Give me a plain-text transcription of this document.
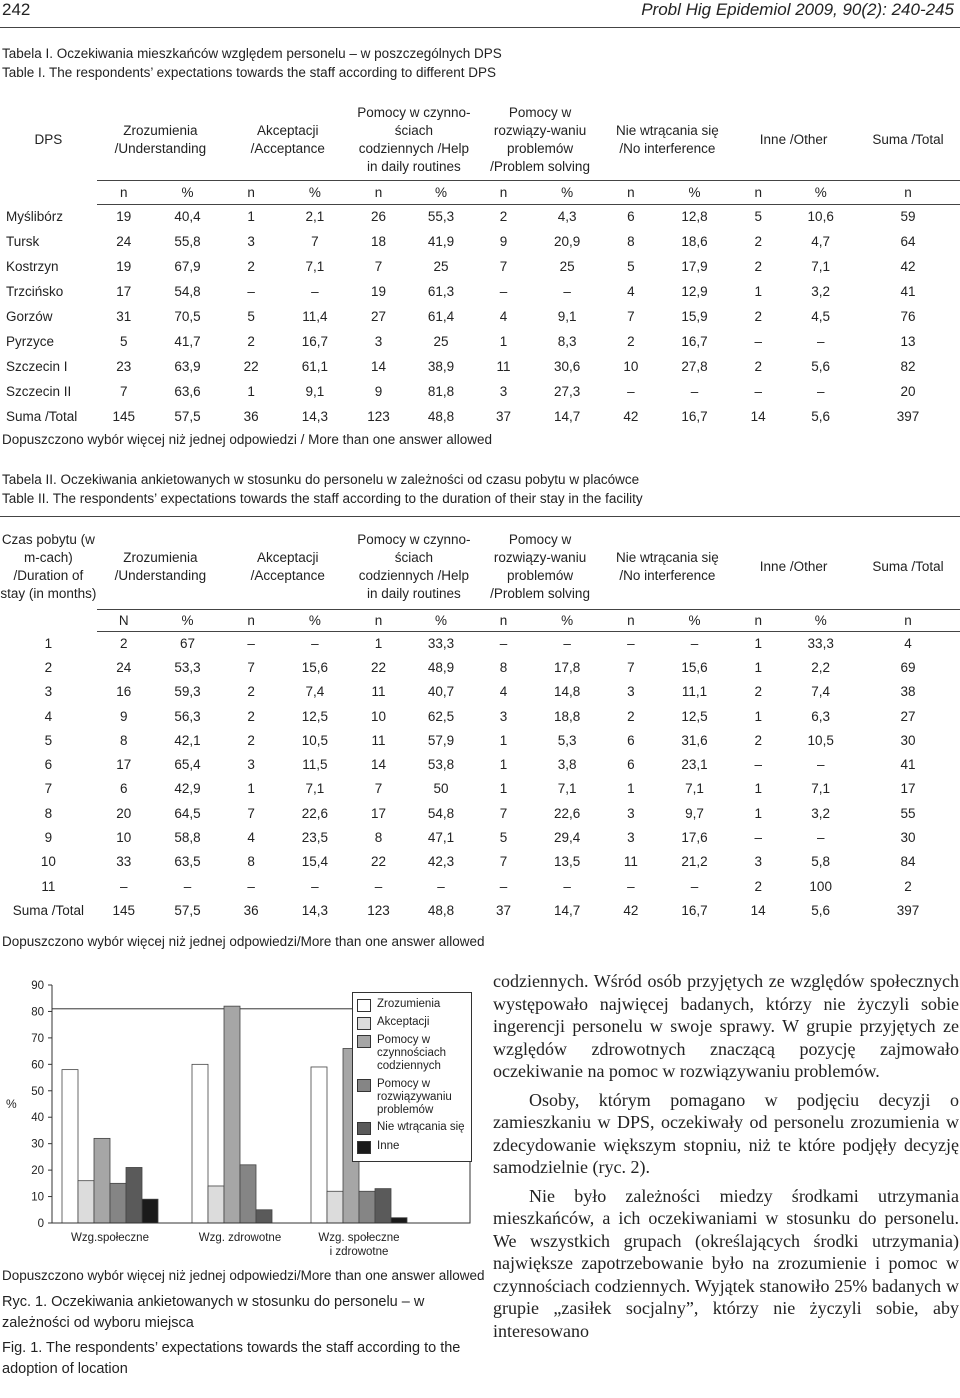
242	Probl Hig Epidemiol 2009, 90(2): 240-245
Tabela I. Oczekiwania mieszkańców względem personelu – w poszczególnych DPS
Table I. The respondents’ expectations towards the staff according to different DPS
DPS	Zrozumienia /Understanding		Akceptacji /Acceptance		Pomocy w czynno-ściach codziennych /Help in daily routines		Pomocy w rozwiązy-waniu problemów /Problem solving		Nie wtrącania się /No interference		Inne /Other		Suma /Total

	n	%	n	%	n	%	n	%	n	%	n	%	n
Myślibórz	19	40,4	1	2,1	26	55,3	2	4,3	6	12,8	5	10,6	59
Tursk	24	55,8	3	7	18	41,9	9	20,9	8	18,6	2	4,7	64
Kostrzyn	19	67,9	2	7,1	7	25	7	25	5	17,9	2	7,1	42
Trzcińsko	17	54,8	–	–	19	61,3	–	–	4	12,9	1	3,2	41
Gorzów	31	70,5	5	11,4	27	61,4	4	9,1	7	15,9	2	4,5	76
Pyrzyce	5	41,7	2	16,7	3	25	1	8,3	2	16,7	–	–	13
Szczecin I	23	63,9	22	61,1	14	38,9	11	30,6	10	27,8	2	5,6	82
Szczecin II	7	63,6	1	9,1	9	81,8	3	27,3	–	–	–	–	20
Suma /Total	145	57,5	36	14,3	123	48,8	37	14,7	42	16,7	14	5,6	397
Dopuszczono wybór więcej niż jednej odpowiedzi / More than one answer allowed
Tabela II. Oczekiwania ankietowanych w stosunku do personelu w zależności od czasu pobytu w placówce
Table II. The respondents’ expectations towards the staff according to the duration of their stay in the facility
Czas pobytu (w m-cach) /Duration of stay (in months)	Zrozumienia /Understanding		Akceptacji /Acceptance		Pomocy w czynno-ściach codziennych /Help in daily routines		Pomocy w rozwiązy-waniu problemów /Problem solving		Nie wtrącania się /No interference		Inne /Other		Suma /Total

	N	%	n	%	n	%	n	%	n	%	n	%	n
1	2	67	–	–	1	33,3	–	–	–	–	1	33,3	4
2	24	53,3	7	15,6	22	48,9	8	17,8	7	15,6	1	2,2	69
3	16	59,3	2	7,4	11	40,7	4	14,8	3	11,1	2	7,4	38
4	9	56,3	2	12,5	10	62,5	3	18,8	2	12,5	1	6,3	27
5	8	42,1	2	10,5	11	57,9	1	5,3	6	31,6	2	10,5	30
6	17	65,4	3	11,5	14	53,8	1	3,8	6	23,1	–	–	41
7	6	42,9	1	7,1	7	50	1	7,1	1	7,1	1	7,1	17
8	20	64,5	7	22,6	17	54,8	7	22,6	3	9,7	1	3,2	55
9	10	58,8	4	23,5	8	47,1	5	29,4	3	17,6	–	–	30
10	33	63,5	8	15,4	22	42,3	7	13,5	11	21,2	3	5,8	84
11	–	–	–	–	–	–	–	–	–	–	2	100	2
Suma /Total	145	57,5	36	14,3	123	48,8	37	14,7	42	16,7	14	5,6	397
Dopuszczono wybór więcej niż jednej odpowiedzi/More than one answer allowed
0
10
20
30
40
50
60
70
80
90
%
Wzg.społeczne	Wzg. zdrowotne	Wzg. społeczne
i zdrowotne
Zrozumienia
Akceptacji
Pomocy w czynnościach codziennych
Pomocy w rozwiązywaniu problemów
Nie wtrącania się
Inne
Dopuszczono wybór więcej niż jednej odpowiedzi/More than one answer allowed
Ryc. 1. Oczekiwania ankietowanych w stosunku do personelu – w zależności od wyboru miejsca
Fig. 1. The respondents’ expectations towards the staff according to the adoption of location

codziennych. Wśród osób przyjętych ze względów społecznych występowało najwięcej badanych, którzy nie życzyli sobie ingerencji personelu w swoje sprawy. W grupie przyjętych ze względów zdrowotnych znaczącą pozycję zajmowało oczekiwanie na pomoc w rozwiązywaniu problemów.

Osoby, którym pomagano w podjęciu decyzji o zamieszkaniu w DPS, oczekiwały od personelu zrozumienia w zdecydowanie większym stopniu, niż te które podjęły decyzję samodzielnie (ryc. 2).

Nie było zależności miedzy środkami utrzymania mieszkańców, a ich oczekiwaniami w stosunku do personelu. We wszystkich grupach (określających środki utrzymania) największe zapotrzebowanie było na zrozumienie i pomoc w czynnościach codziennych. Wyjątek stanowiło 25% badanych w grupie „zasiłek socjalny”, którzy nie życzyli sobie, aby interesowano
